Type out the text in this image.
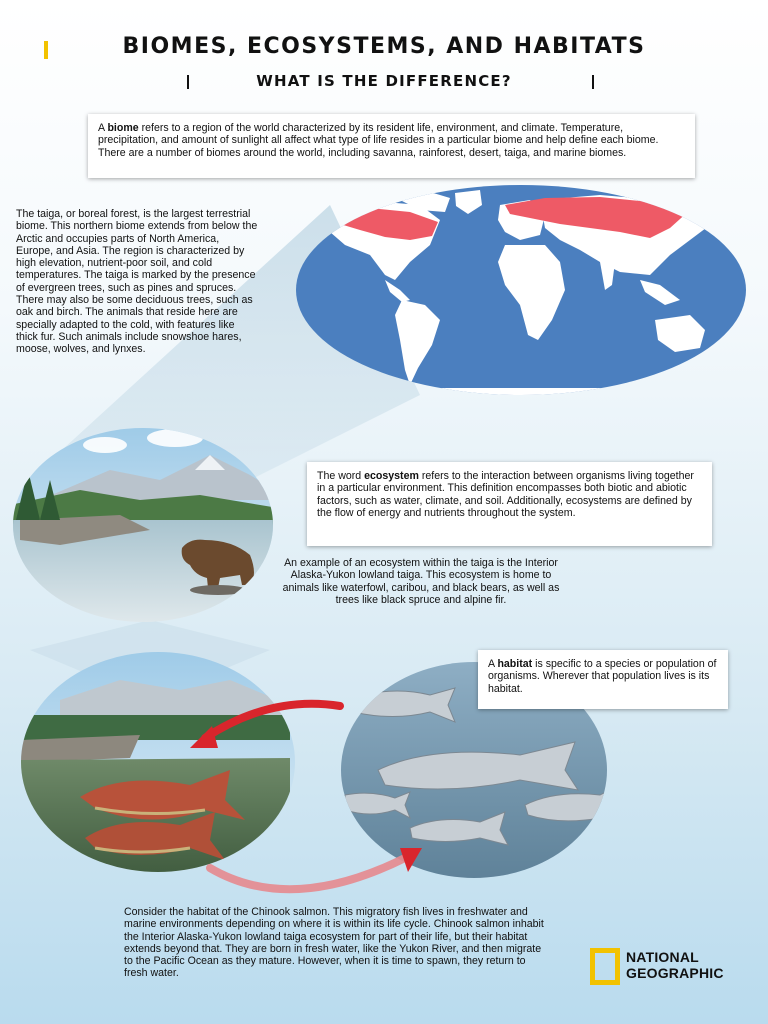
BIOMES, ECOSYSTEMS, AND HABITATS
WHAT IS THE DIFFERENCE?
A biome refers to a region of the world characterized by its resident life, environment, and climate. Temperature, precipitation, and amount of sunlight all affect what type of life resides in a particular biome and help define each biome. There are a number of biomes around the world, including savanna, rainforest, desert, taiga, and marine biomes.
The taiga, or boreal forest, is the largest terrestrial biome. This northern biome extends from below the Arctic and occupies parts of North America, Europe, and Asia. The region is characterized by high elevation, nutrient-poor soil, and cold temperatures. The taiga is marked by the presence of evergreen trees, such as pines and spruces. There may also be some deciduous trees, such as oak and birch. The animals that reside here are specially adapted to the cold, with features like thick fur. Such animals include snowshoe hares, moose, wolves, and lynxes.
The word ecosystem refers to the interaction between organisms living together in a particular environment. This definition encompasses both biotic and abiotic factors, such as water, climate, and soil. Additionally, ecosystems are defined by the flow of energy and nutrients throughout the system.
An example of an ecosystem within the taiga is the Interior Alaska-Yukon lowland taiga. This ecosystem is home to animals like waterfowl, caribou, and black bears, as well as trees like black spruce and alpine fir.
A habitat is specific to a species or population of organisms. Wherever that population lives is its habitat.
Consider the habitat of the Chinook salmon. This migratory fish lives in freshwater and marine environments depending on where it is within its life cycle. Chinook salmon inhabit the Interior Alaska-Yukon lowland taiga ecosystem for part of their life, but their habitat extends beyond that. They are born in fresh water, like the Yukon River, and then migrate to the Pacific Ocean as they mature. However, when it is time to spawn, they return to fresh water.
NATIONAL
GEOGRAPHIC
